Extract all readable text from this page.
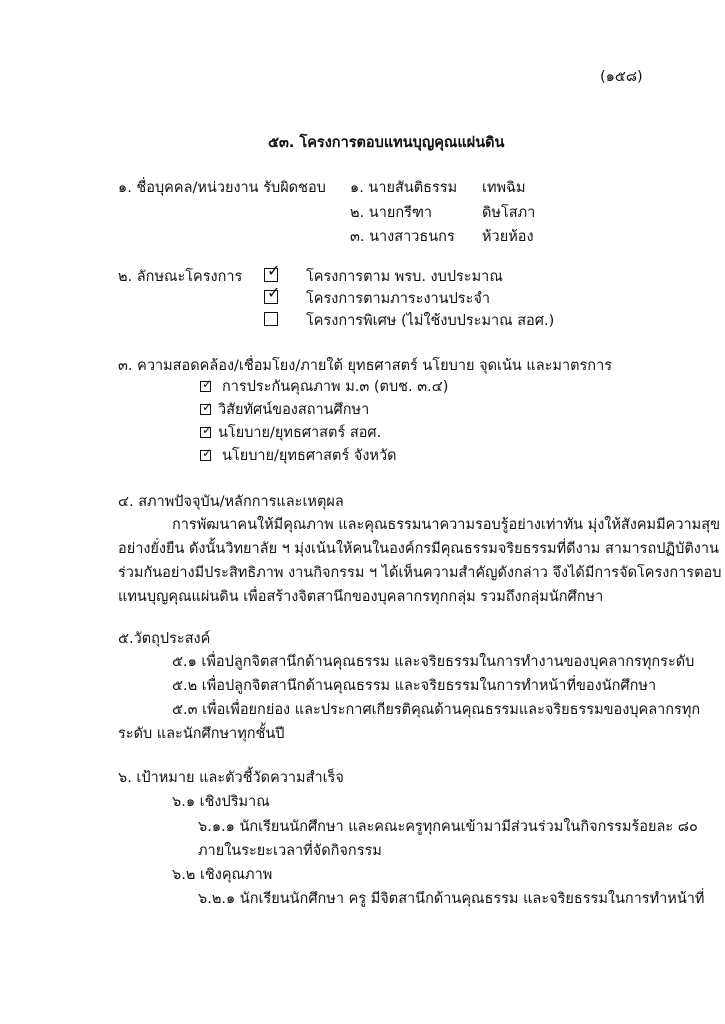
(๑๕๘)
๕๓. โครงการตอบแทนบุญคุณแผ่นดิน
๑. ชื่อบุคคล/หน่วยงาน รับผิดชอบ ๑. นายสันติธรรม เทพฉิม
๒. นายกรีฑา	ดิษโสภา
๓. นางสาวธนกร ห้วยห้อง
๒. ลักษณะโครงการ ✓ โครงการตาม พรบ. งบประมาณ
✓ โครงการตามภาระงานประจำ
โครงการพิเศษ (ไม่ใช้งบประมาณ สอศ.)
๓. ความสอดคล้อง/เชื่อมโยง/ภายใต้ ยุทธศาสตร์ นโยบาย จุดเน้น และมาตรการ
✓ การประกันคุณภาพ ม.๓ (ตบช. ๓.๔)
✓ วิสัยทัศน์ของสถานศึกษา
✓ นโยบาย/ยุทธศาสตร์ สอศ.
✓ นโยบาย/ยุทธศาสตร์ จังหวัด
๔. สภาพปัจจุบัน/หลักการและเหตุผล
การพัฒนาคนให้มีคุณภาพ และคุณธรรมนาความรอบรู้อย่างเท่าทัน มุ่งให้สังคมมีความสุข
อย่างยั่งยืน ดังนั้นวิทยาลัย ฯ มุ่งเน้นให้คนในองค์กรมีคุณธรรมจริยธรรมที่ดีงาม สามารถปฏิบัติงาน
ร่วมกันอย่างมีประสิทธิภาพ งานกิจกรรม ฯ ได้เห็นความสำคัญดังกล่าว จึงได้มีการจัดโครงการตอบ
แทนบุญคุณแผ่นดิน เพื่อสร้างจิตสานึกของบุคลากรทุกกลุ่ม รวมถึงกลุ่มนักศึกษา
๕.วัตถุประสงค์
๕.๑ เพื่อปลูกจิตสานึกด้านคุณธรรม และจริยธรรมในการทำงานของบุคลากรทุกระดับ
๕.๒ เพื่อปลูกจิตสานึกด้านคุณธรรม และจริยธรรมในการทำหน้าที่ของนักศึกษา
๕.๓ เพื่อเพื่อยกย่อง และประกาศเกียรติคุณด้านคุณธรรมและจริยธรรมของบุคลากรทุก
ระดับ และนักศึกษาทุกชั้นปี
๖. เป้าหมาย และตัวชี้วัดความสำเร็จ
๖.๑ เชิงปริมาณ
๖.๑.๑ นักเรียนนักศึกษา และคณะครูทุกคนเข้ามามีส่วนร่วมในกิจกรรมร้อยละ ๘๐
ภายในระยะเวลาที่จัดกิจกรรม
๖.๒ เชิงคุณภาพ
๖.๒.๑ นักเรียนนักศึกษา ครู มีจิตสานึกด้านคุณธรรม และจริยธรรมในการทำหน้าที่
